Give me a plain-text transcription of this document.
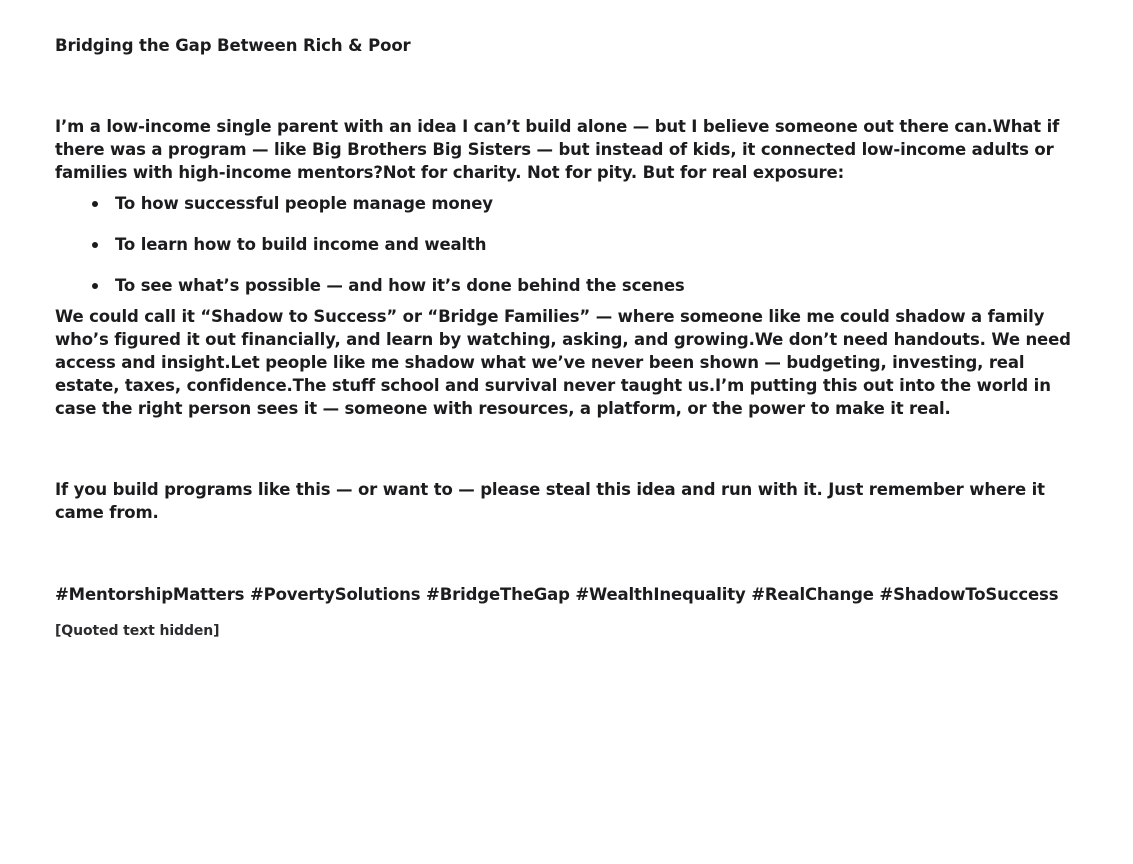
Bridging the Gap Between Rich & Poor

I’m a low-income single parent with an idea I can’t build alone — but I believe someone out there can.What if there was a program — like Big Brothers Big Sisters — but instead of kids, it connected low-income adults or families with high-income mentors?Not for charity. Not for pity. But for real exposure:

To how successful people manage money
To learn how to build income and wealth
To see what’s possible — and how it’s done behind the scenes

We could call it “Shadow to Success” or “Bridge Families” — where someone like me could shadow a family who’s figured it out financially, and learn by watching, asking, and growing.We don’t need handouts. We need access and insight.Let people like me shadow what we’ve never been shown — budgeting, investing, real estate, taxes, confidence.The stuff school and survival never taught us.I’m putting this out into the world in case the right person sees it — someone with resources, a platform, or the power to make it real.

If you build programs like this — or want to — please steal this idea and run with it. Just remember where it came from.

#MentorshipMatters #PovertySolutions #BridgeTheGap #WealthInequality #RealChange #ShadowToSuccess

[Quoted text hidden]
